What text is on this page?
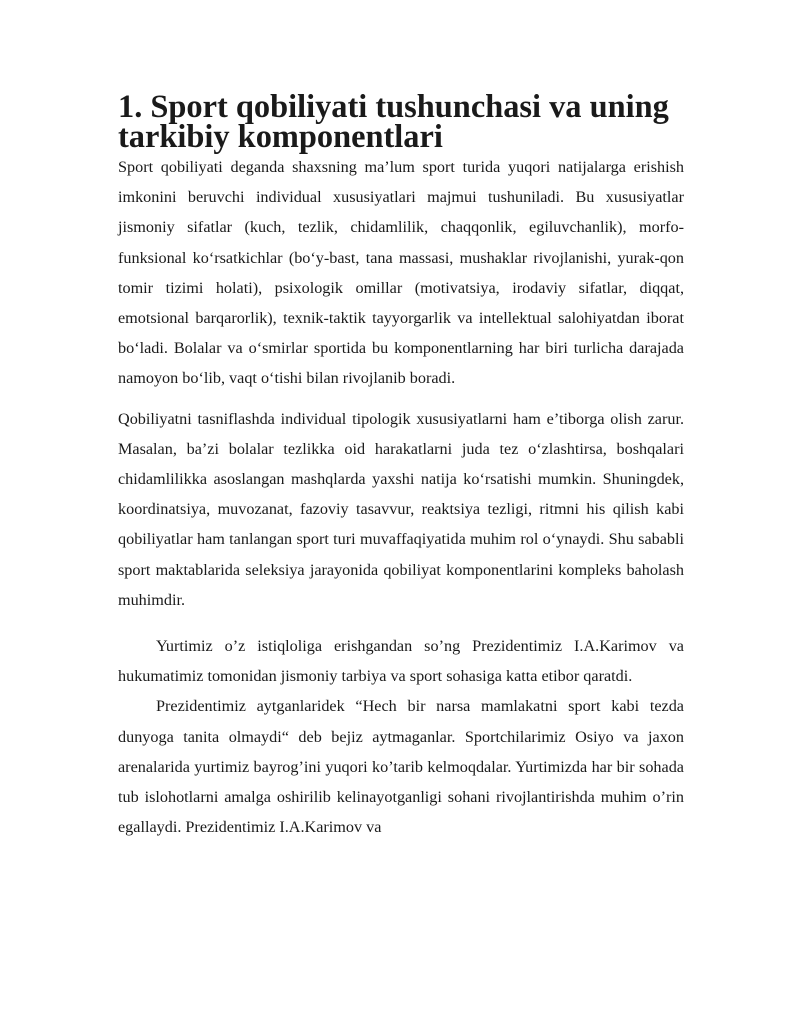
1. Sport qobiliyati tushunchasi va uning tarkibiy komponentlari

Sport qobiliyati deganda shaxsning ma’lum sport turida yuqori natijalarga erishish imkonini beruvchi individual xususiyatlari majmui tushuniladi. Bu xususiyatlar jismoniy sifatlar (kuch, tezlik, chidamlilik, chaqqonlik, egiluvchanlik), morfo-funksional ko‘rsatkichlar (bo‘y-bast, tana massasi, mushaklar rivojlanishi, yurak-qon tomir tizimi holati), psixologik omillar (motivatsiya, irodaviy sifatlar, diqqat, emotsional barqarorlik), texnik-taktik tayyorgarlik va intellektual salohiyatdan iborat bo‘ladi. Bolalar va o‘smirlar sportida bu komponentlarning har biri turlicha darajada namoyon bo‘lib, vaqt o‘tishi bilan rivojlanib boradi.

Qobiliyatni tasniflashda individual tipologik xususiyatlarni ham e’tiborga olish zarur. Masalan, ba’zi bolalar tezlikka oid harakatlarni juda tez o‘zlashtirsa, boshqalari chidamlilikka asoslangan mashqlarda yaxshi natija ko‘rsatishi mumkin. Shuningdek, koordinatsiya, muvozanat, fazoviy tasavvur, reaktsiya tezligi, ritmni his qilish kabi qobiliyatlar ham tanlangan sport turi muvaffaqiyatida muhim rol o‘ynaydi. Shu sababli sport maktablarida seleksiya jarayonida qobiliyat komponentlarini kompleks baholash muhimdir.

Yurtimiz o’z istiqloliga erishgandan so’ng Prezidentimiz I.A.Karimov va hukumatimiz tomonidan jismoniy tarbiya va sport sohasiga katta etibor qaratdi.

Prezidentimiz aytganlaridek “Hech bir narsa mamlakatni sport kabi tezda dunyoga tanita olmaydi“ deb bejiz aytmaganlar. Sportchilarimiz Osiyo va jaxon arenalarida yurtimiz bayrog’ini yuqori ko’tarib kelmoqdalar. Yurtimizda har bir sohada tub islohotlarni amalga oshirilib kelinayotganligi sohani rivojlantirishda muhim o’rin egallaydi. Prezidentimiz I.A.Karimov va
